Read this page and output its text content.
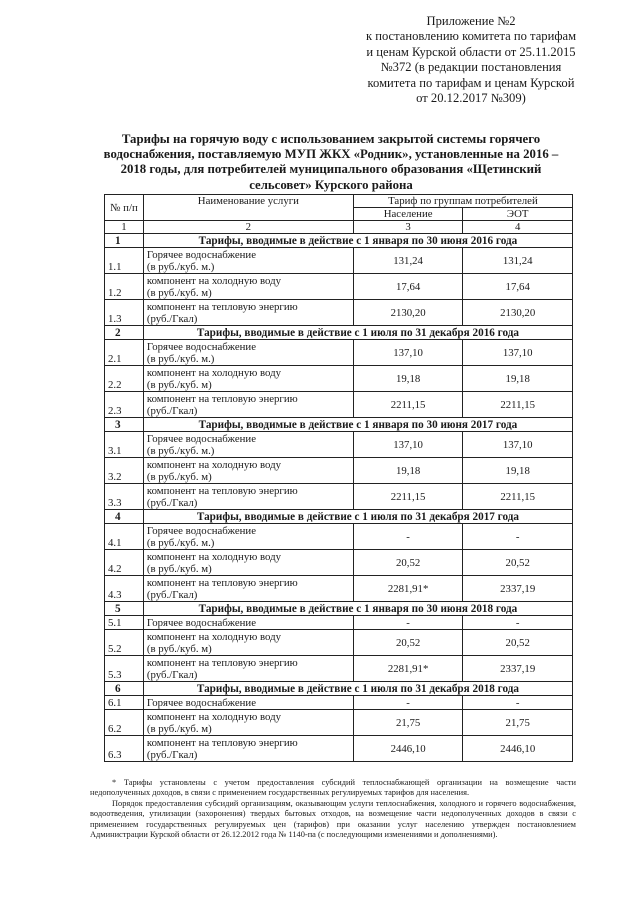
Приложение №2
к постановлению комитета по тарифам
и ценам Курской области от 25.11.2015
№372 (в редакции постановления
комитета по тарифам и ценам Курской
от 20.12.2017 №309)
Тарифы на горячую воду с использованием закрытой системы горячего
водоснабжения, поставляемую МУП ЖКХ «Родник», установленные на 2016 –
2018 годы, для потребителей муниципального образования «Щетинский
сельсовет» Курского района
№ п/п	Наименование услуги	Тариф по группам потребителей	
		Население	ЭОТ
1	2	3	4
1	Тарифы, вводимые в действие с 1 января по 30 июня 2016 года		
1.1	Горячее водоснабжение
(в руб./куб. м.)	131,24	131,24
1.2	компонент на холодную воду
(в руб./куб. м)	17,64	17,64
1.3	компонент на тепловую энергию
(руб./Гкал)	2130,20	2130,20
2	Тарифы, вводимые в действие с 1 июля по 31 декабря 2016 года		
2.1	Горячее водоснабжение
(в руб./куб. м.)	137,10	137,10
2.2	компонент на холодную воду
(в руб./куб. м)	19,18	19,18
2.3	компонент на тепловую энергию
(руб./Гкал)	2211,15	2211,15
3	Тарифы, вводимые в действие с 1 января по 30 июня 2017 года		
3.1	Горячее водоснабжение
(в руб./куб. м.)	137,10	137,10
3.2	компонент на холодную воду
(в руб./куб. м)	19,18	19,18
3.3	компонент на тепловую энергию
(руб./Гкал)	2211,15	2211,15
4	Тарифы, вводимые в действие с 1 июля по 31 декабря 2017 года		
4.1	Горячее водоснабжение
(в руб./куб. м.)	-	-
4.2	компонент на холодную воду
(в руб./куб. м)	20,52	20,52
4.3	компонент на тепловую энергию
(руб./Гкал)	2281,91*	2337,19
5	Тарифы, вводимые в действие с 1 января по 30 июня 2018 года		
5.1	Горячее водоснабжение	-	-
5.2	компонент на холодную воду
(в руб./куб. м)	20,52	20,52
5.3	компонент на тепловую энергию
(руб./Гкал)	2281,91*	2337,19
6	Тарифы, вводимые в действие с 1 июля по 31 декабря 2018 года		
6.1	Горячее водоснабжение	-	-
6.2	компонент на холодную воду
(в руб./куб. м)	21,75	21,75
6.3	компонент на тепловую энергию
(руб./Гкал)	2446,10	2446,10

* Тарифы установлены с учетом предоставления субсидий теплоснабжающей организации на возмещение части недополученных доходов, в связи с применением государственных регулируемых тарифов для населения.

Порядок предоставления субсидий организациям, оказывающим услуги теплоснабжения, холодного и горячего водоснабжения, водоотведения, утилизации (захоронения) твердых бытовых отходов, на возмещение части недополученных доходов в связи с применением государственных регулируемых цен (тарифов) при оказании услуг населению утвержден постановлением Администрации Курской области от 26.12.2012 года № 1140-па (с последующими изменениями и дополнениями).
